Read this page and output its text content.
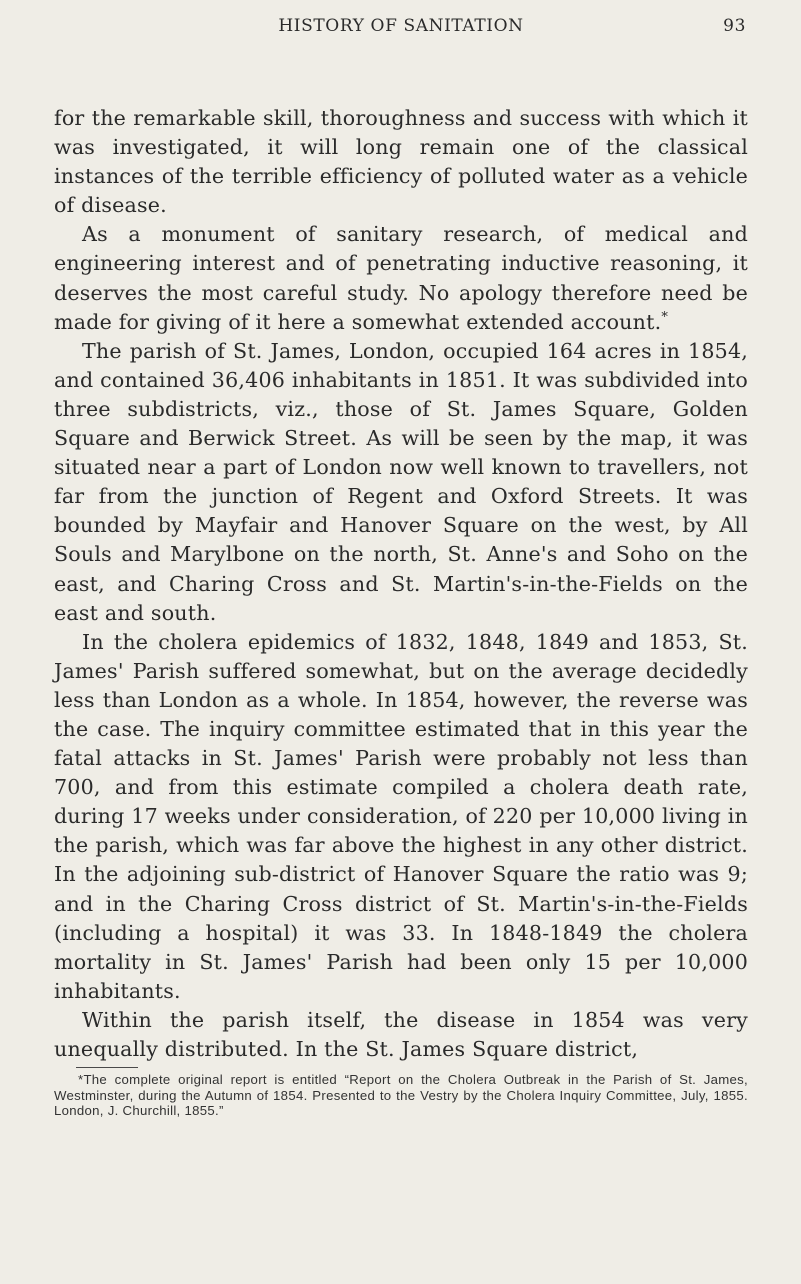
HISTORY OF SANITATION	93

for the remarkable skill, thoroughness and success with which it was investigated, it will long remain one of the classical instances of the terrible efficiency of polluted water as a vehicle of disease.

As a monument of sanitary research, of medical and engineering interest and of penetrating inductive reasoning, it deserves the most careful study. No apology therefore need be made for giving of it here a somewhat extended account.*

The parish of St. James, London, occupied 164 acres in 1854, and contained 36,406 inhabitants in 1851. It was subdivided into three subdistricts, viz., those of St. James Square, Golden Square and Berwick Street. As will be seen by the map, it was situated near a part of London now well known to travellers, not far from the junction of Regent and Oxford Streets. It was bounded by Mayfair and Hanover Square on the west, by All Souls and Marylbone on the north, St. Anne's and Soho on the east, and Charing Cross and St. Martin's-in-the-Fields on the east and south.

In the cholera epidemics of 1832, 1848, 1849 and 1853, St. James' Parish suffered somewhat, but on the average decidedly less than London as a whole. In 1854, however, the reverse was the case. The inquiry committee estimated that in this year the fatal attacks in St. James' Parish were probably not less than 700, and from this estimate compiled a cholera death rate, during 17 weeks under consideration, of 220 per 10,000 living in the parish, which was far above the highest in any other district. In the adjoining sub-district of Hanover Square the ratio was 9; and in the Charing Cross district of St. Martin's-in-the-Fields (including a hospital) it was 33. In 1848-1849 the cholera mortality in St. James' Parish had been only 15 per 10,000 inhabitants.

Within the parish itself, the disease in 1854 was very unequally distributed. In the St. James Square district,

*The complete original report is entitled “Report on the Cholera Outbreak in the Parish of St. James, Westminster, during the Autumn of 1854. Presented to the Vestry by the Cholera Inquiry Committee, July, 1855. London, J. Churchill, 1855.”
